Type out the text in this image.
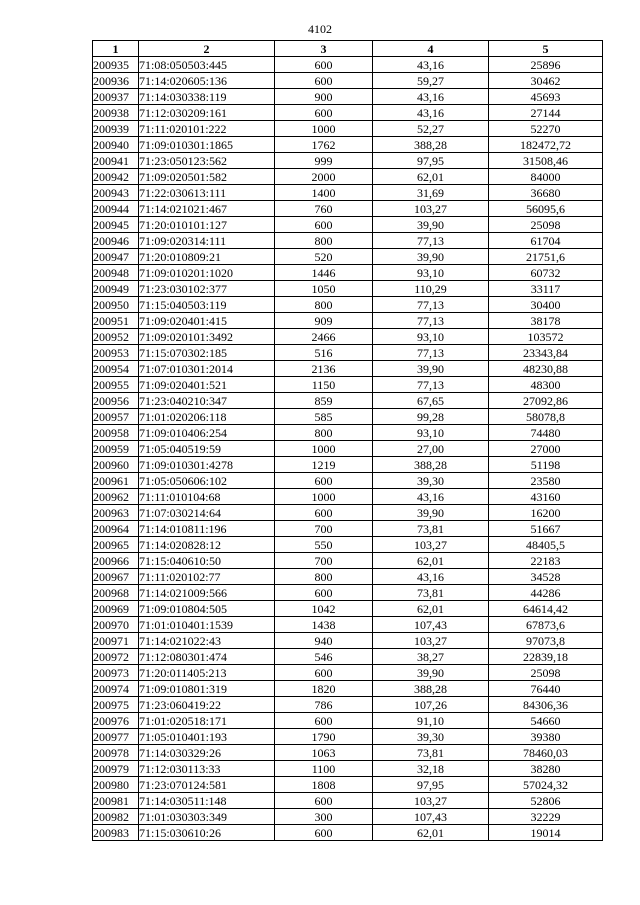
4102
1	2	3	4	5
200935	71:08:050503:445	600	43,16	25896
200936	71:14:020605:136	600	59,27	30462
200937	71:14:030338:119	900	43,16	45693
200938	71:12:030209:161	600	43,16	27144
200939	71:11:020101:222	1000	52,27	52270
200940	71:09:010301:1865	1762	388,28	182472,72
200941	71:23:050123:562	999	97,95	31508,46
200942	71:09:020501:582	2000	62,01	84000
200943	71:22:030613:111	1400	31,69	36680
200944	71:14:021021:467	760	103,27	56095,6
200945	71:20:010101:127	600	39,90	25098
200946	71:09:020314:111	800	77,13	61704
200947	71:20:010809:21	520	39,90	21751,6
200948	71:09:010201:1020	1446	93,10	60732
200949	71:23:030102:377	1050	110,29	33117
200950	71:15:040503:119	800	77,13	30400
200951	71:09:020401:415	909	77,13	38178
200952	71:09:020101:3492	2466	93,10	103572
200953	71:15:070302:185	516	77,13	23343,84
200954	71:07:010301:2014	2136	39,90	48230,88
200955	71:09:020401:521	1150	77,13	48300
200956	71:23:040210:347	859	67,65	27092,86
200957	71:01:020206:118	585	99,28	58078,8
200958	71:09:010406:254	800	93,10	74480
200959	71:05:040519:59	1000	27,00	27000
200960	71:09:010301:4278	1219	388,28	51198
200961	71:05:050606:102	600	39,30	23580
200962	71:11:010104:68	1000	43,16	43160
200963	71:07:030214:64	600	39,90	16200
200964	71:14:010811:196	700	73,81	51667
200965	71:14:020828:12	550	103,27	48405,5
200966	71:15:040610:50	700	62,01	22183
200967	71:11:020102:77	800	43,16	34528
200968	71:14:021009:566	600	73,81	44286
200969	71:09:010804:505	1042	62,01	64614,42
200970	71:01:010401:1539	1438	107,43	67873,6
200971	71:14:021022:43	940	103,27	97073,8
200972	71:12:080301:474	546	38,27	22839,18
200973	71:20:011405:213	600	39,90	25098
200974	71:09:010801:319	1820	388,28	76440
200975	71:23:060419:22	786	107,26	84306,36
200976	71:01:020518:171	600	91,10	54660
200977	71:05:010401:193	1790	39,30	39380
200978	71:14:030329:26	1063	73,81	78460,03
200979	71:12:030113:33	1100	32,18	38280
200980	71:23:070124:581	1808	97,95	57024,32
200981	71:14:030511:148	600	103,27	52806
200982	71:01:030303:349	300	107,43	32229
200983	71:15:030610:26	600	62,01	19014
